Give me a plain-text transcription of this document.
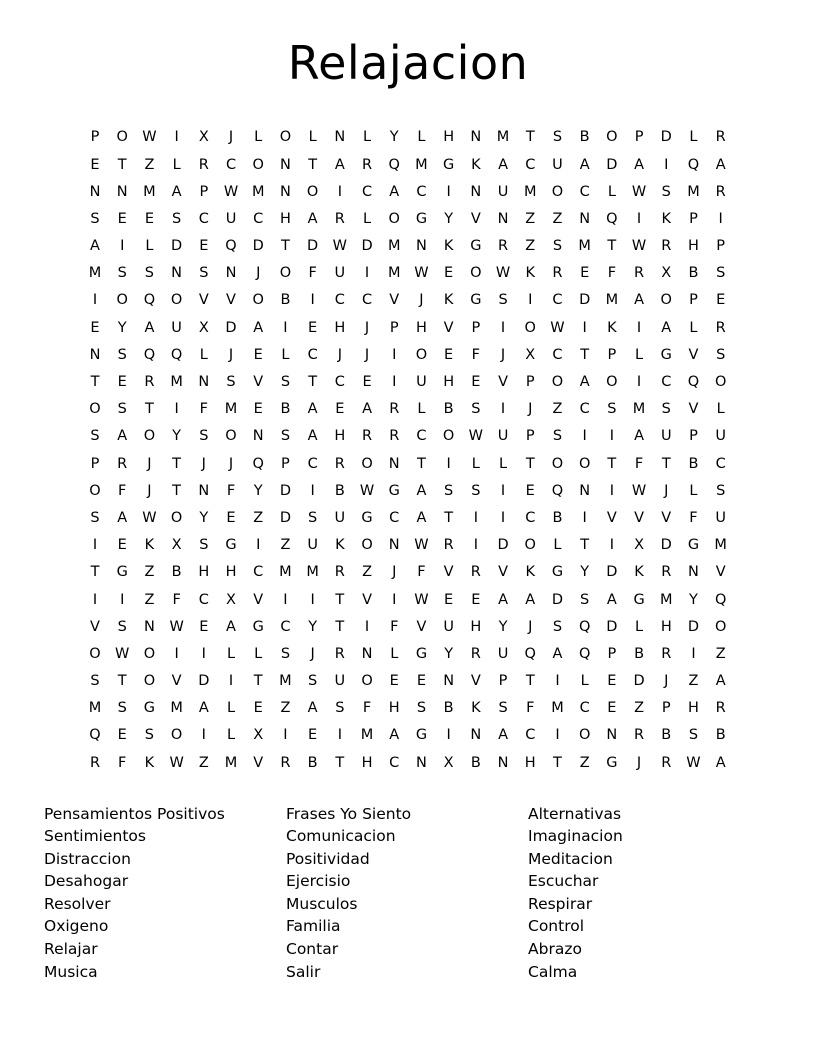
Relajacion
P	O W	I	X	J	L	O	L	N	L	Y	L	H N M	T	S	B O	P	D	L	R
E	T	Z	L	R C O N	T	A R Q M G K A C U A D A	I	Q A
N N M A	P	W M N O	I	C A C	I	N U M O C	L	W	S	M R
S	E	E	S	C U C H A R	L	O G	Y	V N Z Z N Q	I	K	P	I
A	I	L	D	E	Q D	T	D W D M N K G R Z	S	M	T	W R H	P
M	S	S	N	S	N	J	O	F	U	I	M W	E	O W K R	E	F	R X B	S
I	O Q O V V O B	I	C C V	J	K G	S	I	C D M A O	P	E
E	Y	A U X D A	I	E	H	J	P	H V	P	I	O W	I	K	I	A	L	R
N	S	Q Q	L	J	E	L	C	J	J	I	O	E	F	J	X C	T	P	L	G V	S
T	E	R M N	S	V	S	T	C	E	I	U H	E	V	P	O A O	I	C Q O
O	S	T	I	F	M	E	B A	E	A R	L	B	S	I	J	Z C	S	M	S	V	L
S	A O	Y	S	O N	S	A H R R C O W U	P	S	I	I	A U	P	U
P	R	J	T	J	J	Q	P	C R O N	T	I	L	L	T	O O	T	F	T	B C
O	F	J	T	N	F	Y	D	I	B W G A	S	S	I	E	Q N	I	W	J	L	S
S	A W O	Y	E	Z D	S	U G C A	T	I	I	C B	I	V V V	F	U
I	E	K X	S	G	I	Z U K O N W R	I	D O	L	T	I	X D G M
T	G Z B H H C M M R Z	J	F	V R V K G	Y	D K R N V
I	I	Z	F	C X V	I	I	T	V	I	W	E	E	A A D	S	A G M	Y	Q
V	S	N W	E	A G C	Y	T	I	F	V U H	Y	J	S	Q D	L	H D O
O W O	I	I	L	L	S	J	R N	L	G	Y	R U Q A Q	P	B R	I	Z
S	T	O V D	I	T	M	S	U O	E	E	N V	P	T	I	L	E	D	J	Z A
M	S	G M A	L	E	Z A	S	F	H	S	B K	S	F	M C	E	Z	P	H R
Q	E	S	O	I	L	X	I	E	I	M A G	I	N A C	I	O N R B	S	B
R	F	K W Z M V R B	T	H C N X B N H	T	Z G	J	R W A
Pensamientos Positivos
Sentimientos
Distraccion
Desahogar
Resolver
Oxigeno
Relajar
Musica
Frases Yo Siento
Comunicacion
Positividad
Ejercisio
Musculos
Familia
Contar
Salir
Alternativas
Imaginacion
Meditacion
Escuchar
Respirar
Control
Abrazo
Calma
